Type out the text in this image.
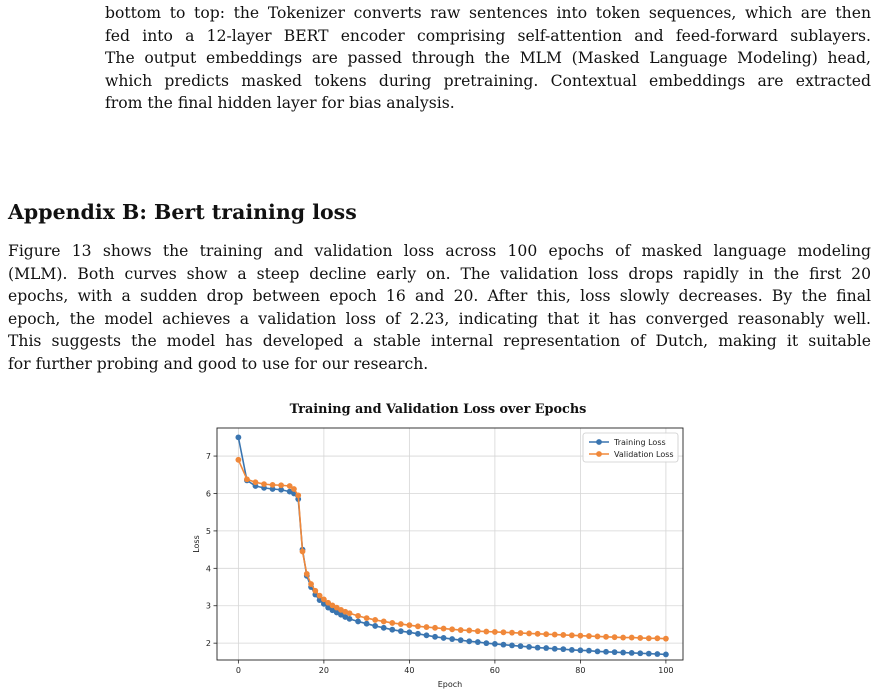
bottom to top: the Tokenizer converts raw sentences into token sequences, which are then
fed into a 12-layer BERT encoder comprising self-attention and feed-forward sublayers.
The output embeddings are passed through the MLM (Masked Language Modeling) head,
which predicts masked tokens during pretraining. Contextual embeddings are extracted
from the final hidden layer for bias analysis.
Appendix B: Bert training loss
Figure 13 shows the training and validation loss across 100 epochs of masked language modeling
(MLM). Both curves show a steep decline early on. The validation loss drops rapidly in the first 20
epochs, with a sudden drop between epoch 16 and 20. After this, loss slowly decreases. By the final
epoch, the model achieves a validation loss of 2.23, indicating that it has converged reasonably well.
This suggests the model has developed a stable internal representation of Dutch, making it suitable
for further probing and good to use for our research.
Training and Validation Loss over Epochs
0	20	40	60	80	100
2
3
4
5
6
7
Epoch
Loss
Training Loss
Validation Loss
